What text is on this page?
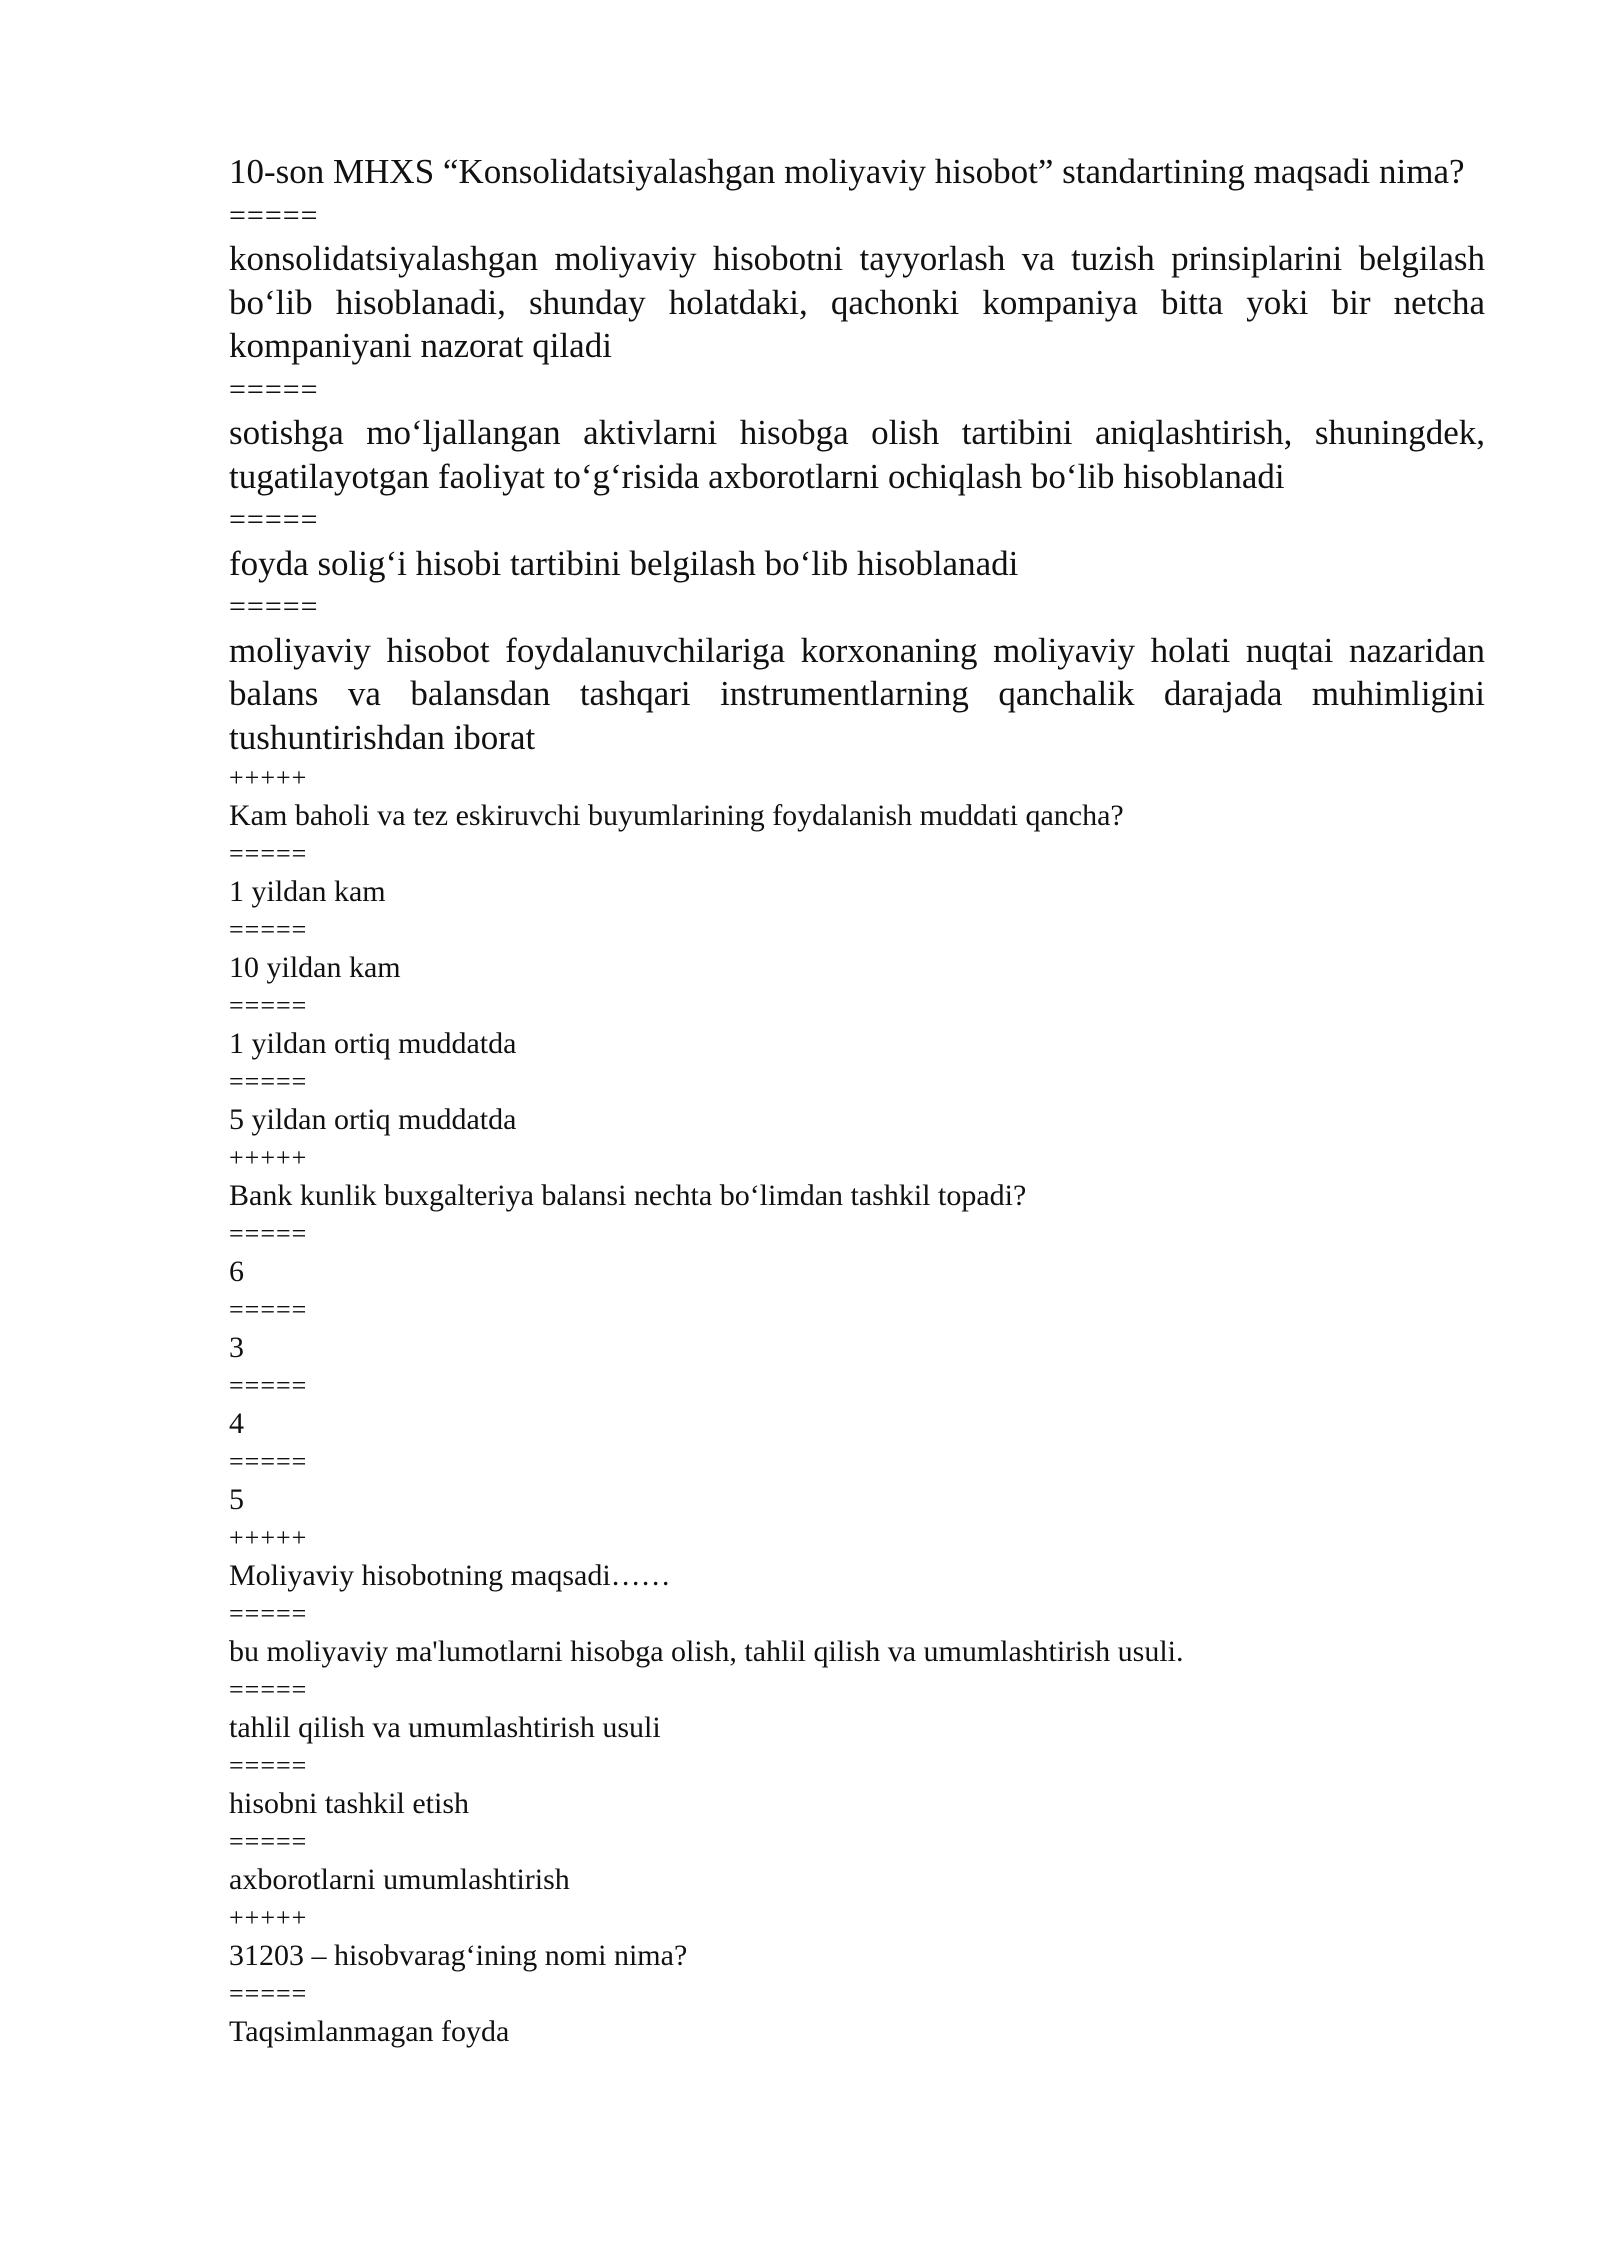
10-son MHXS “Konsolidatsiyalashgan moliyaviy hisobot” standartining maqsadi nima?

=====

konsolidatsiyalashgan moliyaviy hisobotni tayyorlash va tuzish prinsiplarini belgilash bo‘lib hisoblanadi, shunday holatdaki, qachonki kompaniya bitta yoki bir netcha kompaniyani nazorat qiladi

=====

sotishga mo‘ljallangan aktivlarni hisobga olish tartibini aniqlashtirish, shuningdek, tugatilayotgan faoliyat to‘g‘risida axborotlarni ochiqlash bo‘lib hisoblanadi

=====

foyda solig‘i hisobi tartibini belgilash bo‘lib hisoblanadi

=====

moliyaviy hisobot foydalanuvchilariga korxonaning moliyaviy holati nuqtai nazaridan balans va balansdan tashqari instrumentlarning qanchalik darajada muhimligini tushuntirishdan iborat

+++++

Kam baholi va tez eskiruvchi buyumlarining foydalanish muddati qancha?

=====

1 yildan kam

=====

10 yildan kam

=====

1 yildan ortiq muddatda

=====

5 yildan ortiq muddatda

+++++

Bank kunlik buxgalteriya balansi nechta bo‘limdan tashkil topadi?

=====

6

=====

3

=====

4

=====

5

+++++

Moliyaviy hisobotning maqsadi……

=====

bu moliyaviy ma'lumotlarni hisobga olish, tahlil qilish va umumlashtirish usuli.

=====

tahlil qilish va umumlashtirish usuli

=====

hisobni tashkil etish

=====

axborotlarni umumlashtirish

+++++

31203 – hisobvarag‘ining nomi nima?

=====

Taqsimlanmagan foyda
